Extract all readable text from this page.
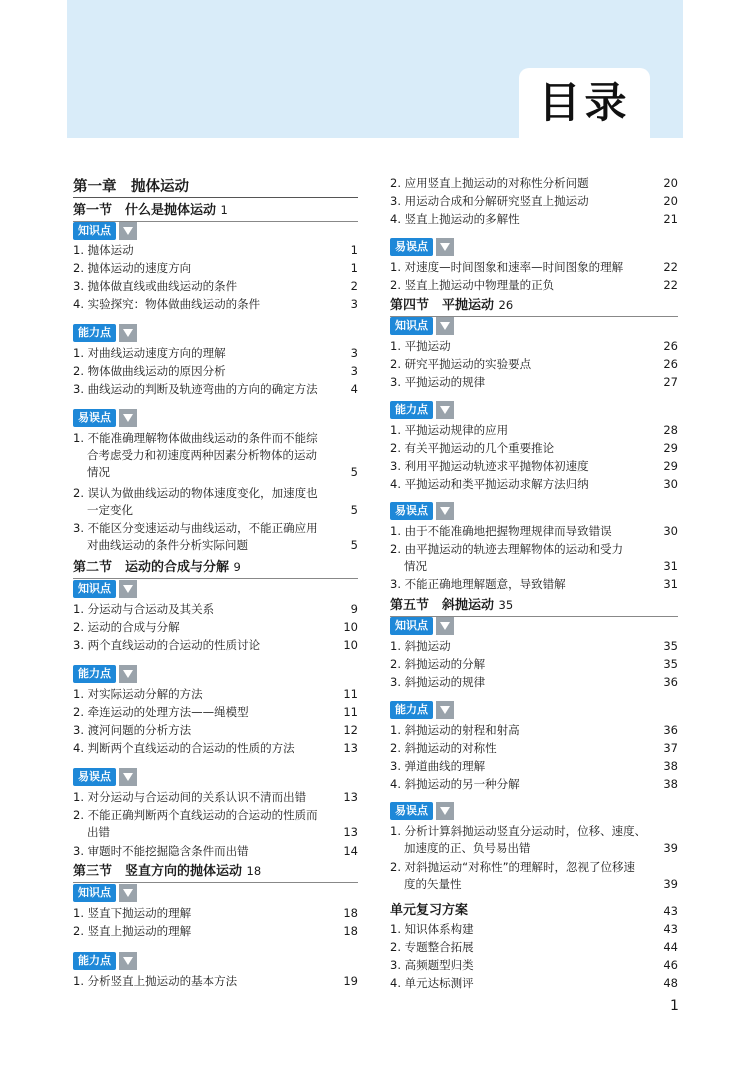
目录
第一章　抛体运动
第一节　什么是抛体运动 1
知识点
1. 抛体运动	1
2. 抛体运动的速度方向	1
3. 抛体做直线或曲线运动的条件	2
4. 实验探究：物体做曲线运动的条件	3
能力点
1. 对曲线运动速度方向的理解	3
2. 物体做曲线运动的原因分析	3
3. 曲线运动的判断及轨迹弯曲的方向的确定方法	4
易误点
1. 不能准确理解物体做曲线运动的条件而不能综
合考虑受力和初速度两种因素分析物体的运动
情况	5
2. 误认为做曲线运动的物体速度变化，加速度也
一定变化	5
3. 不能区分变速运动与曲线运动，不能正确应用
对曲线运动的条件分析实际问题	5
第二节　运动的合成与分解 9
知识点
1. 分运动与合运动及其关系	9
2. 运动的合成与分解	10
3. 两个直线运动的合运动的性质讨论	10
能力点
1. 对实际运动分解的方法	11
2. 牵连运动的处理方法——绳模型	11
3. 渡河问题的分析方法	12
4. 判断两个直线运动的合运动的性质的方法	13
易误点
1. 对分运动与合运动间的关系认识不清而出错	13
2. 不能正确判断两个直线运动的合运动的性质而
出错	13
3. 审题时不能挖掘隐含条件而出错	14
第三节　竖直方向的抛体运动 18
知识点
1. 竖直下抛运动的理解	18
2. 竖直上抛运动的理解	18
能力点
1. 分析竖直上抛运动的基本方法	19
2. 应用竖直上抛运动的对称性分析问题	20
3. 用运动合成和分解研究竖直上抛运动	20
4. 竖直上抛运动的多解性	21
易误点
1. 对速度—时间图象和速率—时间图象的理解	22
2. 竖直上抛运动中物理量的正负	22
第四节　平抛运动 26
知识点
1. 平抛运动	26
2. 研究平抛运动的实验要点	26
3. 平抛运动的规律	27
能力点
1. 平抛运动规律的应用	28
2. 有关平抛运动的几个重要推论	29
3. 利用平抛运动轨迹求平抛物体初速度	29
4. 平抛运动和类平抛运动求解方法归纳	30
易误点
1. 由于不能准确地把握物理规律而导致错误	30
2. 由平抛运动的轨迹去理解物体的运动和受力
情况	31
3. 不能正确地理解题意，导致错解	31
第五节　斜抛运动 35
知识点
1. 斜抛运动	35
2. 斜抛运动的分解	35
3. 斜抛运动的规律	36
能力点
1. 斜抛运动的射程和射高	36
2. 斜抛运动的对称性	37
3. 弹道曲线的理解	38
4. 斜抛运动的另一种分解	38
易误点
1. 分析计算斜抛运动竖直分运动时，位移、速度、
加速度的正、负号易出错	39
2. 对斜抛运动“对称性”的理解时，忽视了位移速
度的矢量性	39
单元复习方案	43
1. 知识体系构建	43
2. 专题整合拓展	44
3. 高频题型归类	46
4. 单元达标测评	48
1
